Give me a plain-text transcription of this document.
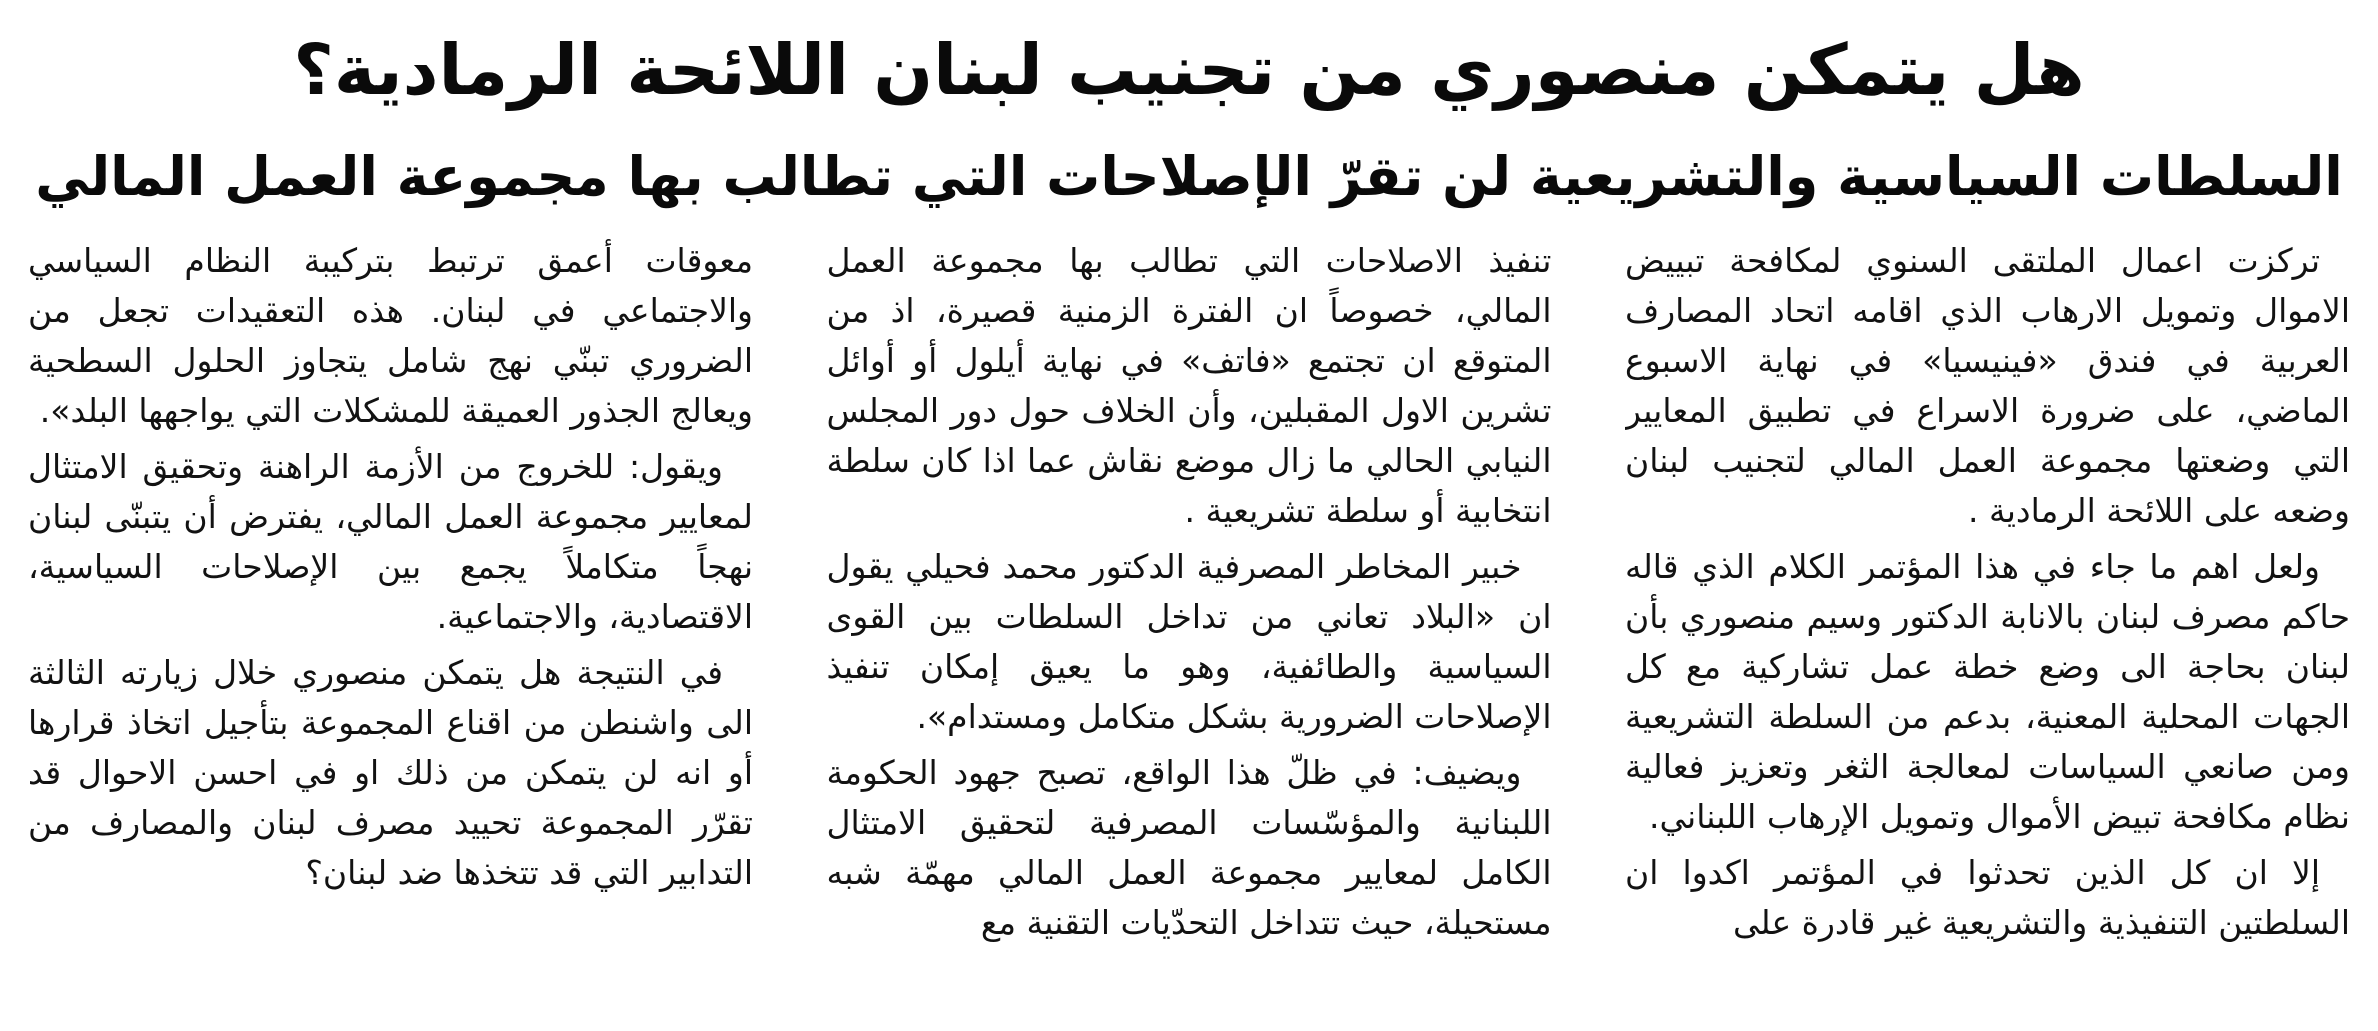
هل يتمكن منصوري من تجنيب لبنان اللائحة الرمادية؟
السلطات السياسية والتشريعية لن تقرّ الإصلاحات التي تطالب بها مجموعة العمل المالي

تركزت اعمال الملتقى السنوي لمكافحة تبييض الاموال وتمويل الارهاب الذي اقامه اتحاد المصارف العربية في فندق «فينيسيا» في نهاية الاسبوع الماضي، على ضرورة الاسراع في تطبيق المعايير التي وضعتها مجموعة العمل المالي لتجنيب لبنان وضعه على اللائحة الرمادية .

ولعل اهم ما جاء في هذا المؤتمر الكلام الذي قاله حاكم مصرف لبنان بالانابة الدكتور وسيم منصوري بأن لبنان بحاجة الى وضع خطة عمل تشاركية مع كل الجهات المحلية المعنية، بدعم من السلطة التشريعية ومن صانعي السياسات لمعالجة الثغر وتعزيز فعالية نظام مكافحة تبيض الأموال وتمويل الإرهاب اللبناني.

إلا ان كل الذين تحدثوا في المؤتمر اكدوا ان السلطتين التنفيذية والتشريعية غير قادرة على

تنفيذ الاصلاحات التي تطالب بها مجموعة العمل المالي، خصوصاً ان الفترة الزمنية قصيرة، اذ من المتوقع ان تجتمع «فاتف» في نهاية أيلول أو أوائل تشرين الاول المقبلين، وأن الخلاف حول دور المجلس النيابي الحالي ما زال موضع نقاش عما اذا كان سلطة انتخابية أو سلطة تشريعية .

خبير المخاطر المصرفية الدكتور محمد فحيلي يقول ان «البلاد تعاني من تداخل السلطات بين القوى السياسية والطائفية، وهو ما يعيق إمكان تنفيذ الإصلاحات الضرورية بشكل متكامل ومستدام».

ويضيف: في ظلّ هذا الواقع، تصبح جهود الحكومة اللبنانية والمؤسّسات المصرفية لتحقيق الامتثال الكامل لمعايير مجموعة العمل المالي مهمّة شبه مستحيلة، حيث تتداخل التحدّيات التقنية مع

معوقات أعمق ترتبط بتركيبة النظام السياسي والاجتماعي في لبنان. هذه التعقيدات تجعل من الضروري تبنّي نهج شامل يتجاوز الحلول السطحية ويعالج الجذور العميقة للمشكلات التي يواجهها البلد».

ويقول: للخروج من الأزمة الراهنة وتحقيق الامتثال لمعايير مجموعة العمل المالي، يفترض أن يتبنّى لبنان نهجاً متكاملاً يجمع بين الإصلاحات السياسية، الاقتصادية، والاجتماعية.

في النتيجة هل يتمكن منصوري خلال زيارته الثالثة الى واشنطن من اقناع المجموعة بتأجيل اتخاذ قرارها أو انه لن يتمكن من ذلك او في احسن الاحوال قد تقرّر المجموعة تحييد مصرف لبنان والمصارف من التدابير التي قد تتخذها ضد لبنان؟
